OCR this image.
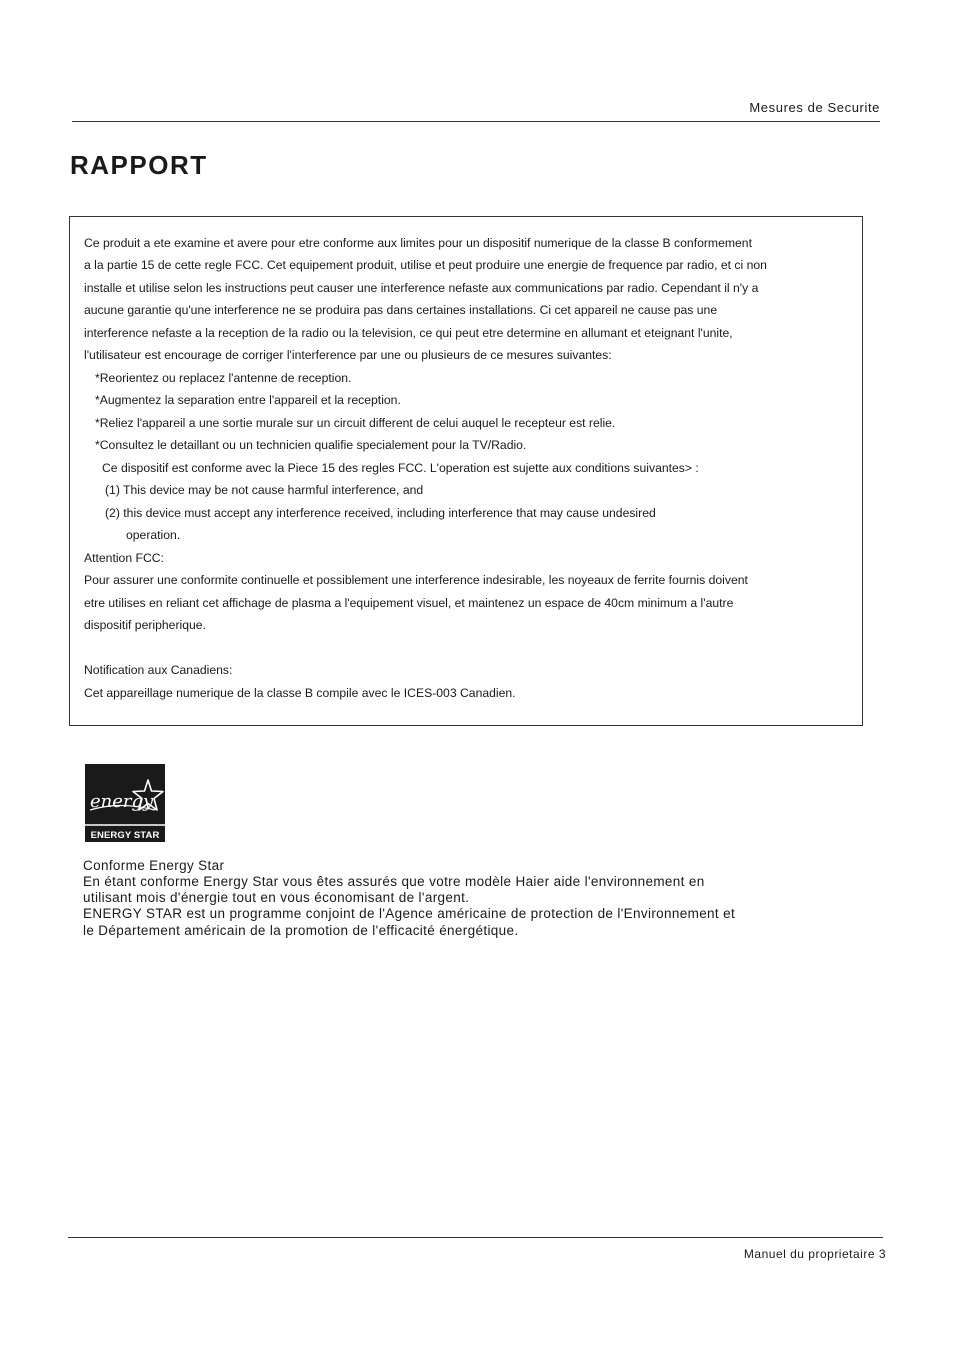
Mesures de Securite
RAPPORT
Ce produit a ete examine et avere pour etre conforme aux limites pour un dispositif numerique de la classe B conformement
a la partie 15 de cette regle FCC. Cet equipement produit, utilise et peut produire une energie de frequence par radio, et ci non
installe et utilise selon les instructions peut causer une interference nefaste aux communications par radio. Cependant il n'y a
aucune garantie qu'une interference ne se produira pas dans certaines installations. Ci cet appareil ne cause pas une
interference nefaste a la reception de la radio ou la television, ce qui peut etre determine en allumant et eteignant l'unite,
l'utilisateur est encourage de corriger l'interference par une ou plusieurs de ce mesures suivantes:
*Reorientez ou replacez l'antenne de reception.
*Augmentez la separation entre l'appareil et la reception.
*Reliez l'appareil a une sortie murale sur un circuit different de celui auquel le recepteur est relie.
*Consultez le detaillant ou un technicien qualifie specialement pour la TV/Radio.
Ce dispositif est conforme avec la Piece 15 des regles FCC. L'operation est sujette aux conditions suivantes> :
(1) This device may be not cause harmful interference, and
(2) this device must accept any interference received, including interference that may cause undesired
operation.
Attention FCC:
Pour assurer une conformite continuelle et possiblement une interference indesirable, les noyeaux de ferrite fournis doivent
etre utilises en reliant cet affichage de plasma a l'equipement visuel, et maintenez un espace de 40cm minimum a l'autre
dispositif peripherique.
Notification aux Canadiens:
Cet appareillage numerique de la classe B compile avec le ICES-003 Canadien.
energy
ENERGY STAR
Conforme Energy Star
En étant conforme Energy Star vous êtes assurés que votre modèle Haier aide l'environnement en
utilisant mois d'énergie tout en vous économisant de l'argent.
ENERGY STAR est un programme conjoint de l'Agence américaine de protection de l'Environnement et
le Département américain de la promotion de l'efficacité énergétique.
Manuel du proprietaire 3
